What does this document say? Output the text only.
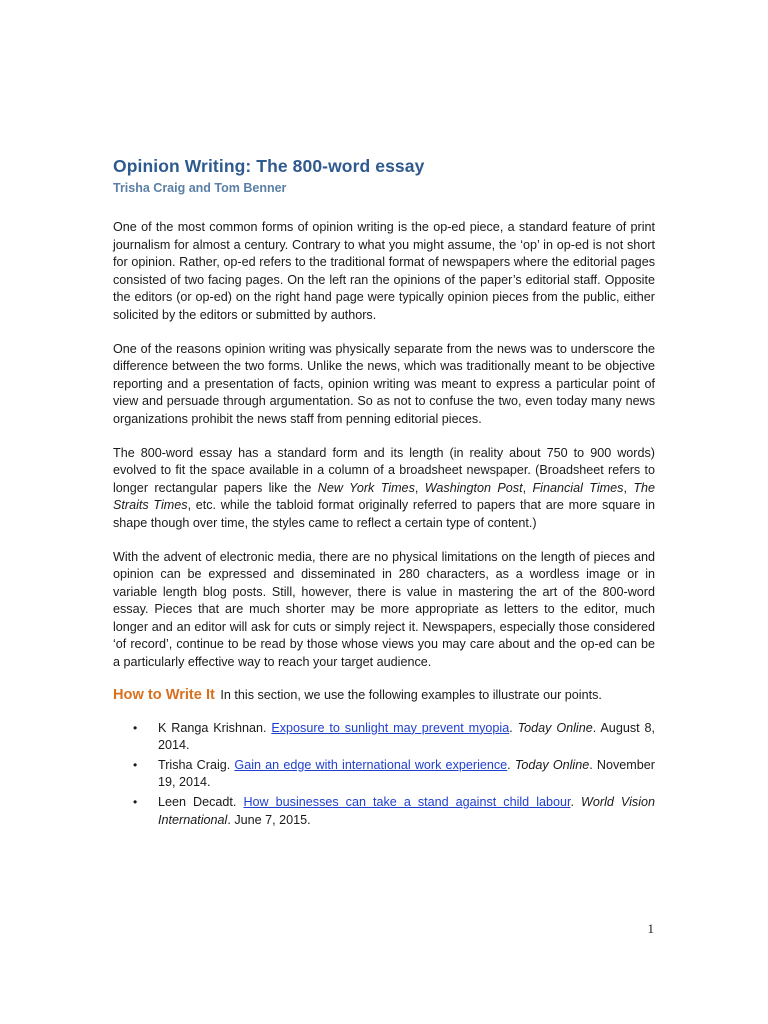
Opinion Writing: The 800-word essay
Trisha Craig and Tom Benner

One of the most common forms of opinion writing is the op-ed piece, a standard feature of print journalism for almost a century. Contrary to what you might assume, the ‘op’ in op-ed is not short for opinion. Rather, op-ed refers to the traditional format of newspapers where the editorial pages consisted of two facing pages. On the left ran the opinions of the paper’s editorial staff. Opposite the editors (or op-ed) on the right hand page were typically opinion pieces from the public, either solicited by the editors or submitted by authors.

One of the reasons opinion writing was physically separate from the news was to underscore the difference between the two forms. Unlike the news, which was traditionally meant to be objective reporting and a presentation of facts, opinion writing was meant to express a particular point of view and persuade through argumentation. So as not to confuse the two, even today many news organizations prohibit the news staff from penning editorial pieces.

The 800-word essay has a standard form and its length (in reality about 750 to 900 words) evolved to fit the space available in a column of a broadsheet newspaper. (Broadsheet refers to longer rectangular papers like the New York Times, Washington Post, Financial Times, The Straits Times, etc. while the tabloid format originally referred to papers that are more square in shape though over time, the styles came to reflect a certain type of content.)

With the advent of electronic media, there are no physical limitations on the length of pieces and opinion can be expressed and disseminated in 280 characters, as a wordless image or in variable length blog posts. Still, however, there is value in mastering the art of the 800-word essay. Pieces that are much shorter may be more appropriate as letters to the editor, much longer and an editor will ask for cuts or simply reject it. Newspapers, especially those considered ‘of record’, continue to be read by those whose views you may care about and the op-ed can be a particularly effective way to reach your target audience.

How to Write It In this section, we use the following examples to illustrate our points.
• K Ranga Krishnan. Exposure to sunlight may prevent myopia. Today Online. August 8, 2014.
• Trisha Craig. Gain an edge with international work experience. Today Online. November 19, 2014.
• Leen Decadt. How businesses can take a stand against child labour. World Vision International. June 7, 2015.
1
